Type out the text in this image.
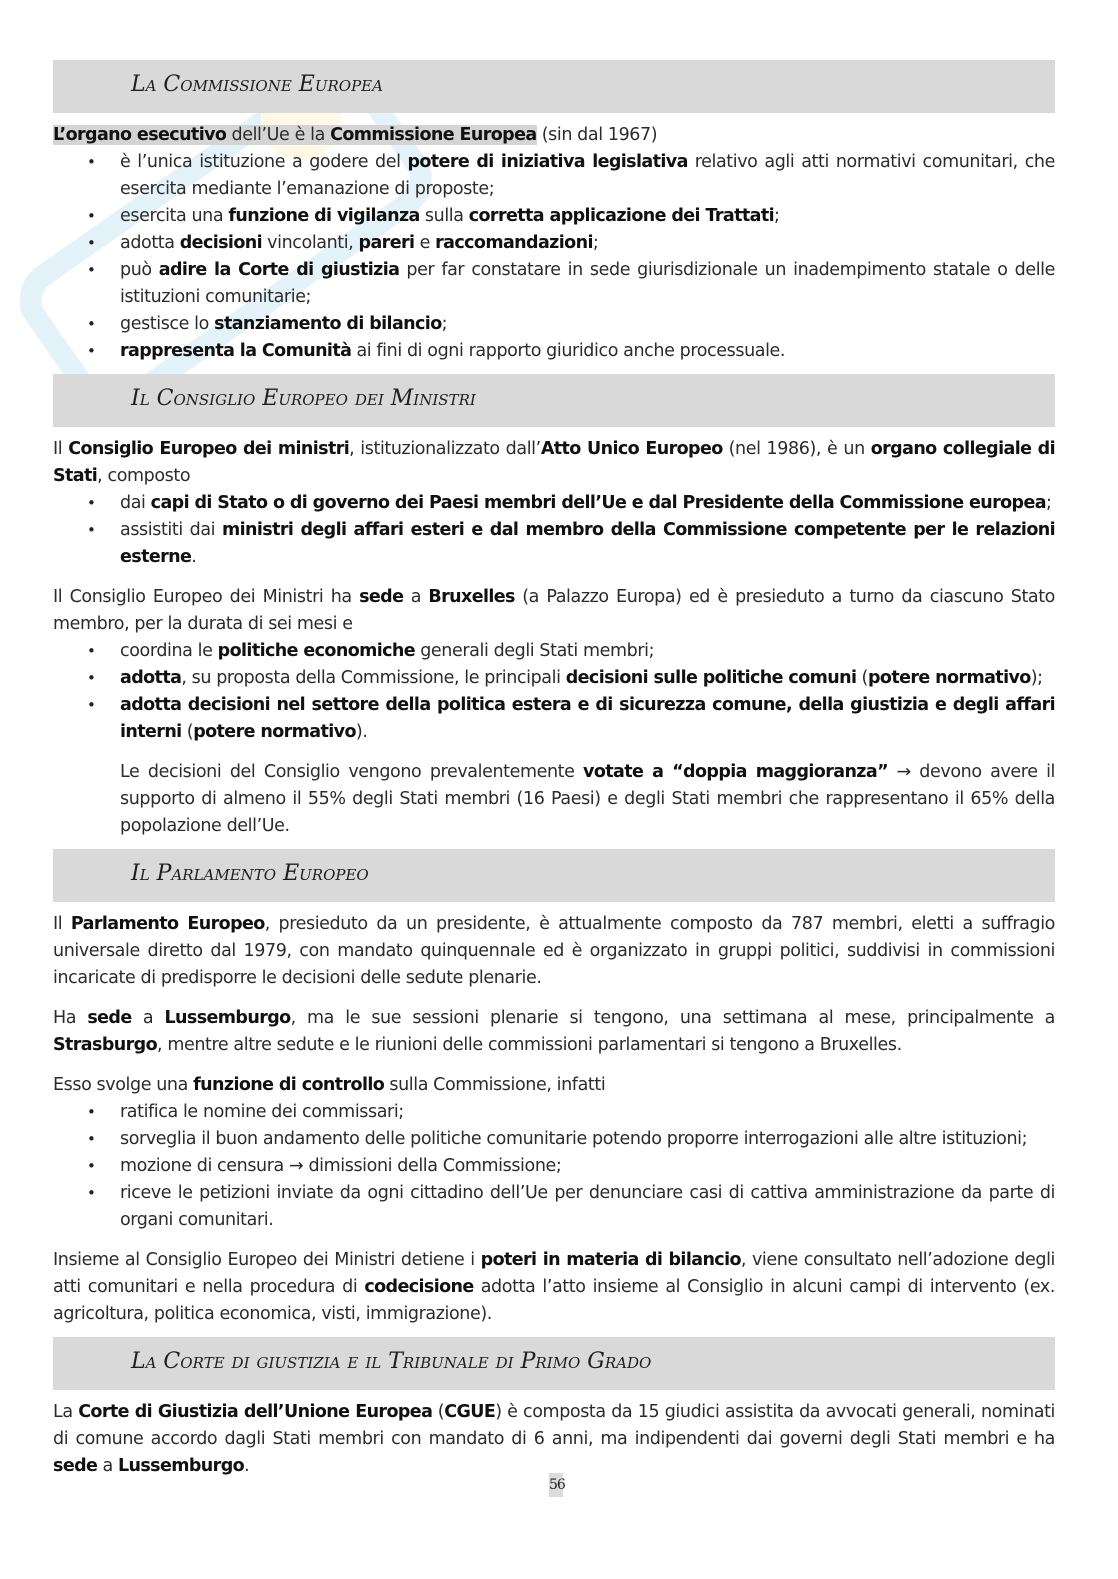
La Commissione Europea

L’organo esecutivo dell’Ue è la Commissione Europea (sin dal 1967)

• è l’unica istituzione a godere del potere di iniziativa legislativa relativo agli atti normativi comunitari, che esercita mediante l’emanazione di proposte;
• esercita una funzione di vigilanza sulla corretta applicazione dei Trattati;
• adotta decisioni vincolanti, pareri e raccomandazioni;
• può adire la Corte di giustizia per far constatare in sede giurisdizionale un inadempimento statale o delle istituzioni comunitarie;
• gestisce lo stanziamento di bilancio;
• rappresenta la Comunità ai fini di ogni rapporto giuridico anche processuale.
Il Consiglio Europeo dei Ministri

Il Consiglio Europeo dei ministri, istituzionalizzato dall’Atto Unico Europeo (nel 1986), è un organo collegiale di Stati, composto

• dai capi di Stato o di governo dei Paesi membri dell’Ue e dal Presidente della Commissione europea;
• assistiti dai ministri degli affari esteri e dal membro della Commissione competente per le relazioni esterne.

Il Consiglio Europeo dei Ministri ha sede a Bruxelles (a Palazzo Europa) ed è presieduto a turno da ciascuno Stato membro, per la durata di sei mesi e

• coordina le politiche economiche generali degli Stati membri;
• adotta, su proposta della Commissione, le principali decisioni sulle politiche comuni (potere normativo);
• adotta decisioni nel settore della politica estera e di sicurezza comune, della giustizia e degli affari interni (potere normativo).

Le decisioni del Consiglio vengono prevalentemente votate a “doppia maggioranza” → devono avere il supporto di almeno il 55% degli Stati membri (16 Paesi) e degli Stati membri che rappresentano il 65% della popolazione dell’Ue.

Il Parlamento Europeo

Il Parlamento Europeo, presieduto da un presidente, è attualmente composto da 787 membri, eletti a suffragio universale diretto dal 1979, con mandato quinquennale ed è organizzato in gruppi politici, suddivisi in commissioni incaricate di predisporre le decisioni delle sedute plenarie.

Ha sede a Lussemburgo, ma le sue sessioni plenarie si tengono, una settimana al mese, principalmente a Strasburgo, mentre altre sedute e le riunioni delle commissioni parlamentari si tengono a Bruxelles.

Esso svolge una funzione di controllo sulla Commissione, infatti

• ratifica le nomine dei commissari;
• sorveglia il buon andamento delle politiche comunitarie potendo proporre interrogazioni alle altre istituzioni;
• mozione di censura → dimissioni della Commissione;
• riceve le petizioni inviate da ogni cittadino dell’Ue per denunciare casi di cattiva amministrazione da parte di organi comunitari.

Insieme al Consiglio Europeo dei Ministri detiene i poteri in materia di bilancio, viene consultato nell’adozione degli atti comunitari e nella procedura di codecisione adotta l’atto insieme al Consiglio in alcuni campi di intervento (ex. agricoltura, politica economica, visti, immigrazione).

La Corte di giustizia e il Tribunale di Primo Grado

La Corte di Giustizia dell’Unione Europea (CGUE) è composta da 15 giudici assistita da avvocati generali, nominati di comune accordo dagli Stati membri con mandato di 6 anni, ma indipendenti dai governi degli Stati membri e ha sede a Lussemburgo.

56
